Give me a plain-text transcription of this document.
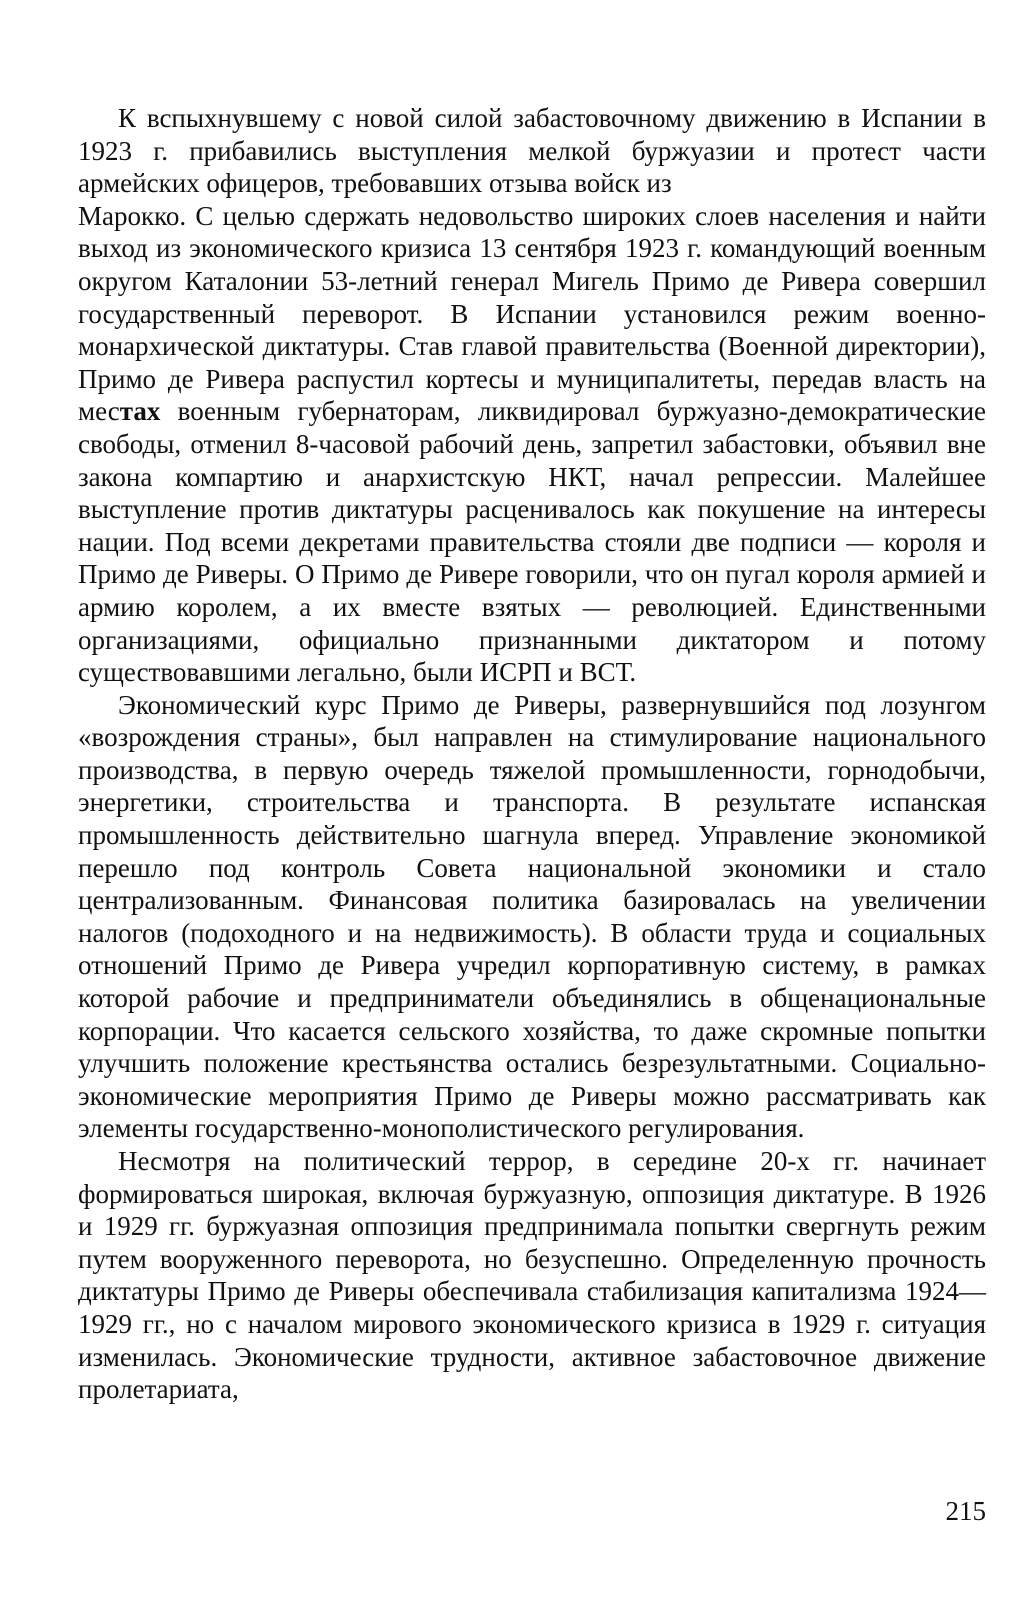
К вспыхнувшему с новой силой забастовочному движению в Испании в 1923 г. прибавились выступления мелкой буржуазии и протест части армейских офицеров, требовавших отзыва войск из

Марокко. С целью сдержать недовольство широких слоев населения и найти выход из экономического кризиса 13 сентября 1923 г. командующий военным округом Каталонии 53-летний генерал Мигель Примо де Ривера совершил государственный переворот. В Испании установился режим военно-монархической диктатуры. Став главой правительства (Военной директории), Примо де Ривера распустил кортесы и муниципалитеты, передав власть на местах военным губернаторам, ликвидировал буржуазно-демократические свободы, отменил 8-часовой рабочий день, запретил забастовки, объявил вне закона компартию и анархистскую НКТ, начал репрессии. Малейшее выступление против диктатуры расценивалось как покушение на интересы нации. Под всеми декретами правительства стояли две подписи — короля и Примо де Риверы. О Примо де Ривере говорили, что он пугал короля армией и армию королем, а их вместе взятых — революцией. Единственными организациями, официально признанными диктатором и потому существовавшими легально, были ИСРП и ВСТ.

Экономический курс Примо де Риверы, развернувшийся под лозунгом «возрождения страны», был направлен на стимулирование национального производства, в первую очередь тяжелой промышленности, горнодобычи, энергетики, строительства и транспорта. В результате испанская промышленность действительно шагнула вперед. Управление экономикой перешло под контроль Совета национальной экономики и стало централизованным. Финансовая политика базировалась на увеличении налогов (подоходного и на недвижимость). В области труда и социальных отношений Примо де Ривера учредил корпоративную систему, в рамках которой рабочие и предприниматели объединялись в общенациональные корпорации. Что касается сельского хозяйства, то даже скромные попытки улучшить положение крестьянства остались безрезультатными. Социально-экономические мероприятия Примо де Риверы можно рассматривать как элементы государственно-монополистического регулирования.

Несмотря на политический террор, в середине 20-х гг. начинает формироваться широкая, включая буржуазную, оппозиция диктатуре. В 1926 и 1929 гг. буржуазная оппозиция предпринимала попытки свергнуть режим путем вооруженного переворота, но безуспешно. Определенную прочность диктатуры Примо де Риверы обеспечивала стабилизация капитализма 1924—1929 гг., но с началом мирового экономического кризиса в 1929 г. ситуация изменилась. Экономические трудности, активное забастовочное движение пролетариата,

215
